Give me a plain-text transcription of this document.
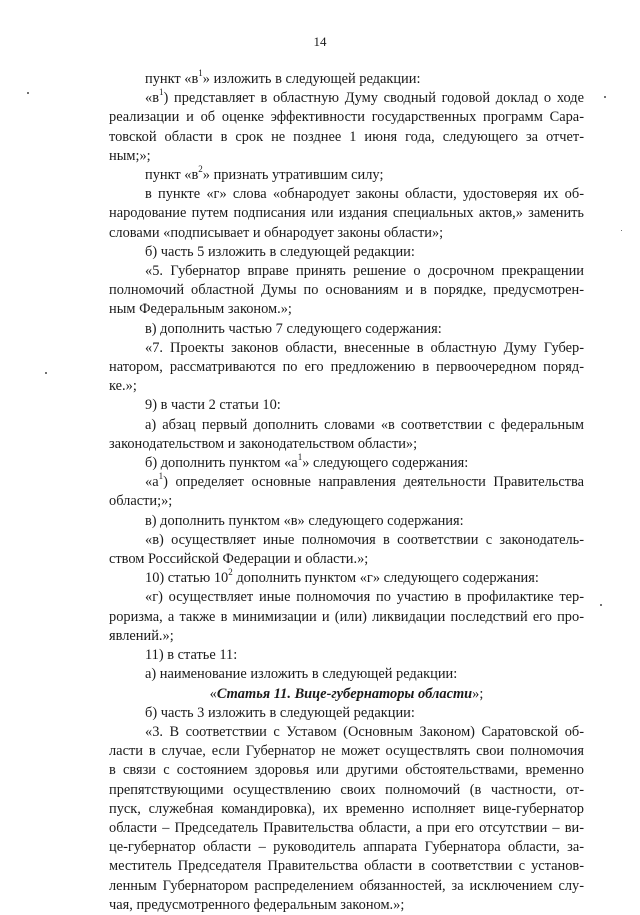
14
пункт «$в^1$» изложить в следующей редакции:
«$в^1$) представляет в областную Думу сводный годовой доклад о ходе
реализации и об оценке эффективности государственных программ Сара-
товской области в срок не позднее 1 июня года, следующего за отчет-
ным;»;
пункт «$в^2$» признать утратившим силу;
в пункте «г» слова «обнародует законы области, удостоверяя их об-
народование путем подписания или издания специальных актов,» заменить
словами «подписывает и обнародует законы области»;
б) часть 5 изложить в следующей редакции:
«5. Губернатор вправе принять решение о досрочном прекращении
полномочий областной Думы по основаниям и в порядке, предусмотрен-
ным Федеральным законом.»;
в) дополнить частью 7 следующего содержания:
«7. Проекты законов области, внесенные в областную Думу Губер-
натором, рассматриваются по его предложению в первоочередном поряд-
ке.»;
9) в части 2 статьи 10:
а) абзац первый дополнить словами «в соответствии с федеральным
законодательством и законодательством области»;
б) дополнить пунктом «$а^1$» следующего содержания:
«$а^1$) определяет основные направления деятельности Правительства
области;»;
в) дополнить пунктом «в» следующего содержания:
«в) осуществляет иные полномочия в соответствии с законодатель-
ством Российской Федерации и области.»;
10) статью $10^2$ дополнить пунктом «г» следующего содержания:
«г) осуществляет иные полномочия по участию в профилактике тер-
роризма, а также в минимизации и (или) ликвидации последствий его про-
явлений.»;
11) в статье 11:
а) наименование изложить в следующей редакции:
«Статья 11. Вице-губернаторы области»;
б) часть 3 изложить в следующей редакции:
«3. В соответствии с Уставом (Основным Законом) Саратовской об-
ласти в случае, если Губернатор не может осуществлять свои полномочия
в связи с состоянием здоровья или другими обстоятельствами, временно
препятствующими осуществлению своих полномочий (в частности, от-
пуск, служебная командировка), их временно исполняет вице-губернатор
области – Председатель Правительства области, а при его отсутствии – ви-
це-губернатор области – руководитель аппарата Губернатора области, за-
меститель Председателя Правительства области в соответствии с установ-
ленным Губернатором распределением обязанностей, за исключением слу-
чая, предусмотренного федеральным законом.»;
